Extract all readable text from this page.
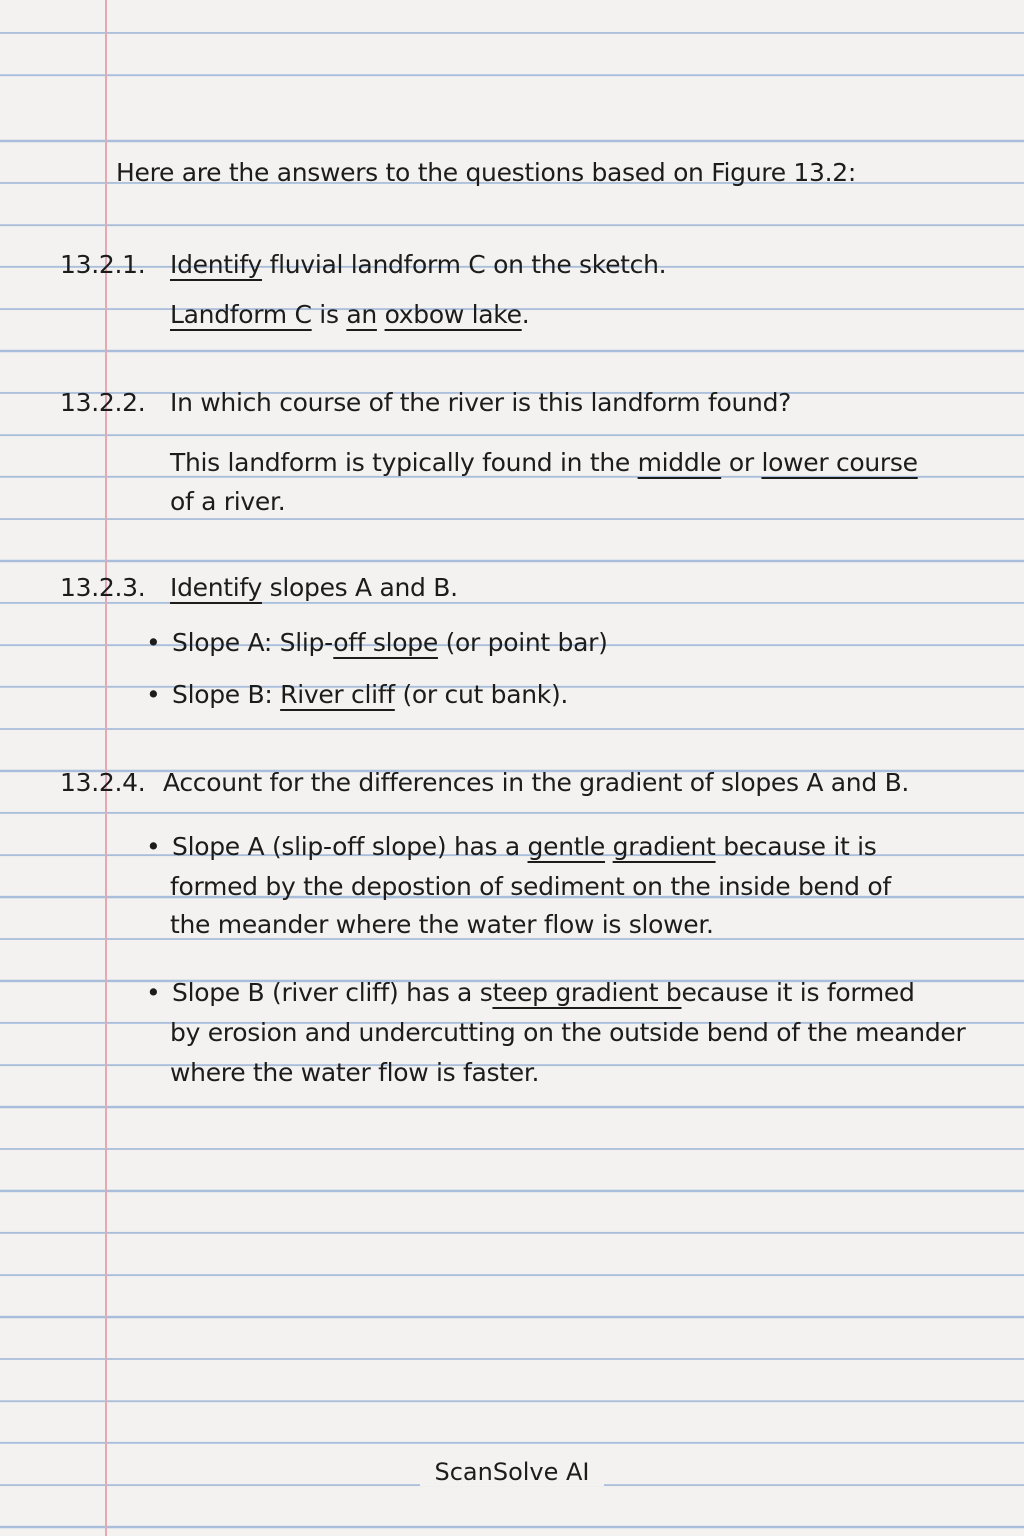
Here are the answers to the questions based on Figure 13.2:
13.2.1. Identify fluvial landform C on the sketch.
Landform C is an oxbow lake.
13.2.2. In which course of the river is this landform found?
This landform is typically found in the middle or lower course
of a river.
13.2.3. Identify slopes A and B.
• Slope A: Slip-off slope (or point bar)
• Slope B: River cliff (or cut bank).
13.2.4. Account for the differences in the gradient of slopes A and B.
• Slope A (slip-off slope) has a gentle gradient because it is
formed by the depostion of sediment on the inside bend of
the meander where the water flow is slower.
• Slope B (river cliff) has a steep gradient because it is formed
by erosion and undercutting on the outside bend of the meander
where the water flow is faster.
ScanSolve AI
